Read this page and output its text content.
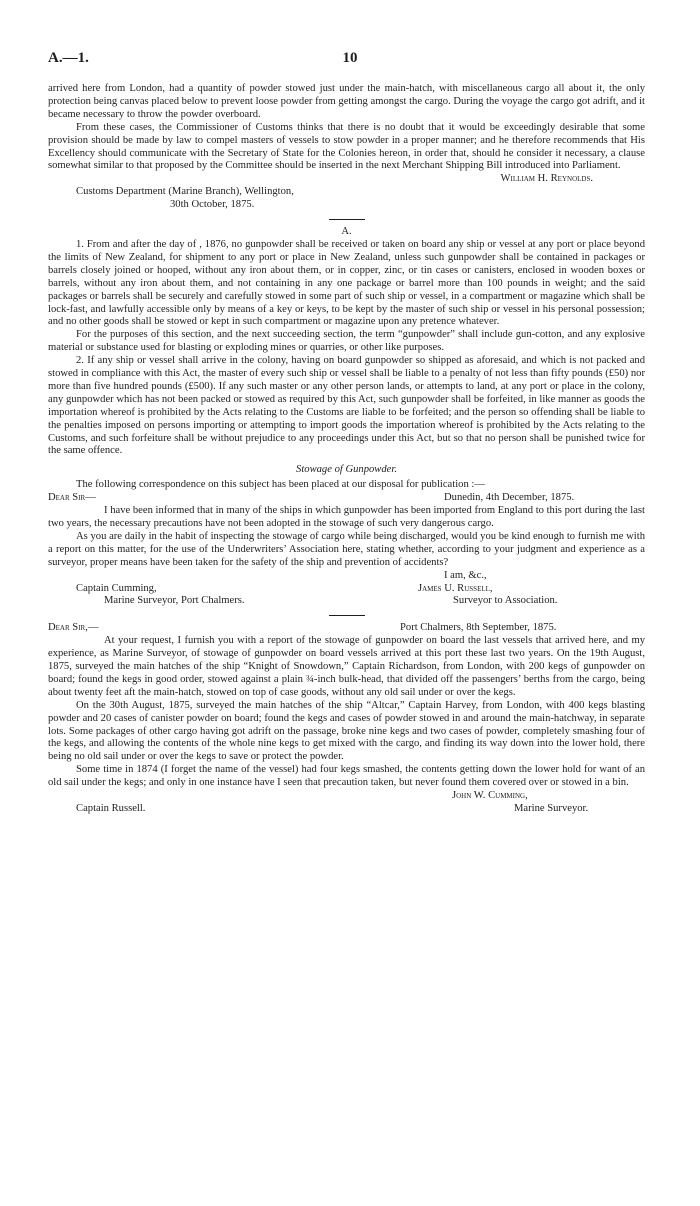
A.—1.	10

arrived here from London, had a quantity of powder stowed just under the main-hatch, with miscellaneous cargo all about it, the only protection being canvas placed below to prevent loose powder from getting amongst the cargo. During the voyage the cargo got adrift, and it became necessary to throw the powder overboard.

From these cases, the Commissioner of Customs thinks that there is no doubt that it would be exceedingly desirable that some provision should be made by law to compel masters of vessels to stow powder in a proper manner; and he therefore recommends that His Excellency should communicate with the Secretary of State for the Colonies hereon, in order that, should he consider it necessary, a clause somewhat similar to that proposed by the Committee should be inserted in the next Merchant Shipping Bill introduced into Parliament.

William H. Reynolds.

Customs Department (Marine Branch), Wellington,

30th October, 1875.

A.

1. From and after the day of , 1876, no gunpowder shall be received or taken on board any ship or vessel at any port or place beyond the limits of New Zealand, for shipment to any port or place in New Zealand, unless such gunpowder shall be contained in packages or barrels closely joined or hooped, without any iron about them, or in copper, zinc, or tin cases or canisters, enclosed in wooden boxes or barrels, without any iron about them, and not containing in any one package or barrel more than 100 pounds in weight; and the said packages or barrels shall be securely and carefully stowed in some part of such ship or vessel, in a compartment or magazine which shall be lock-fast, and lawfully accessible only by means of a key or keys, to be kept by the master of such ship or vessel in his personal possession; and no other goods shall be stowed or kept in such compartment or magazine upon any pretence whatever.

For the purposes of this section, and the next succeeding section, the term “gunpowder” shall include gun-cotton, and any explosive material or substance used for blasting or exploding mines or quarries, or other like purposes.

2. If any ship or vessel shall arrive in the colony, having on board gunpowder so shipped as aforesaid, and which is not packed and stowed in compliance with this Act, the master of every such ship or vessel shall be liable to a penalty of not less than fifty pounds (£50) nor more than five hundred pounds (£500). If any such master or any other person lands, or attempts to land, at any port or place in the colony, any gunpowder which has not been packed or stowed as required by this Act, such gunpowder shall be forfeited, in like manner as goods the importation whereof is prohibited by the Acts relating to the Customs are liable to be forfeited; and the person so offending shall be liable to the penalties imposed on persons importing or attempting to import goods the importation whereof is prohibited by the Acts relating to the Customs, and such forfeiture shall be without prejudice to any proceedings under this Act, but so that no person shall be punished twice for the same offence.

Stowage of Gunpowder.

The following correspondence on this subject has been placed at our disposal for publication :—

Dear Sir—	Dunedin, 4th December, 1875.

I have been informed that in many of the ships in which gunpowder has been imported from England to this port during the last two years, the necessary precautions have not been adopted in the stowage of such very dangerous cargo.

As you are daily in the habit of inspecting the stowage of cargo while being discharged, would you be kind enough to furnish me with a report on this matter, for the use of the Underwriters’ Association here, stating whether, according to your judgment and experience as a surveyor, proper means have been taken for the safety of the ship and prevention of accidents?

I am, &c.,
Captain Cumming,	James U. Russell,
Marine Surveyor, Port Chalmers.	Surveyor to Association.
Dear Sir,—	Port Chalmers, 8th September, 1875.

At your request, I furnish you with a report of the stowage of gunpowder on board the last vessels that arrived here, and my experience, as Marine Surveyor, of stowage of gunpowder on board vessels arrived at this port these last two years. On the 19th August, 1875, surveyed the main hatches of the ship “Knight of Snowdown,” Captain Richardson, from London, with 200 kegs of gunpowder on board; found the kegs in good order, stowed against a plain ¾-inch bulk-head, that divided off the passengers’ berths from the cargo, being about twenty feet aft the main-hatch, stowed on top of case goods, without any old sail under or over the kegs.

On the 30th August, 1875, surveyed the main hatches of the ship “Altcar,” Captain Harvey, from London, with 400 kegs blasting powder and 20 cases of canister powder on board; found the kegs and cases of powder stowed in and around the main-hatchway, in separate lots. Some packages of other cargo having got adrift on the passage, broke nine kegs and two cases of powder, completely smashing four of the kegs, and allowing the contents of the whole nine kegs to get mixed with the cargo, and finding its way down into the lower hold, there being no old sail under or over the kegs to save or protect the powder.

Some time in 1874 (I forget the name of the vessel) had four kegs smashed, the contents getting down the lower hold for want of an old sail under the kegs; and only in one instance have I seen that precaution taken, but never found them covered over or stowed in a bin.

John W. Cumming,
Captain Russell.	Marine Surveyor.
